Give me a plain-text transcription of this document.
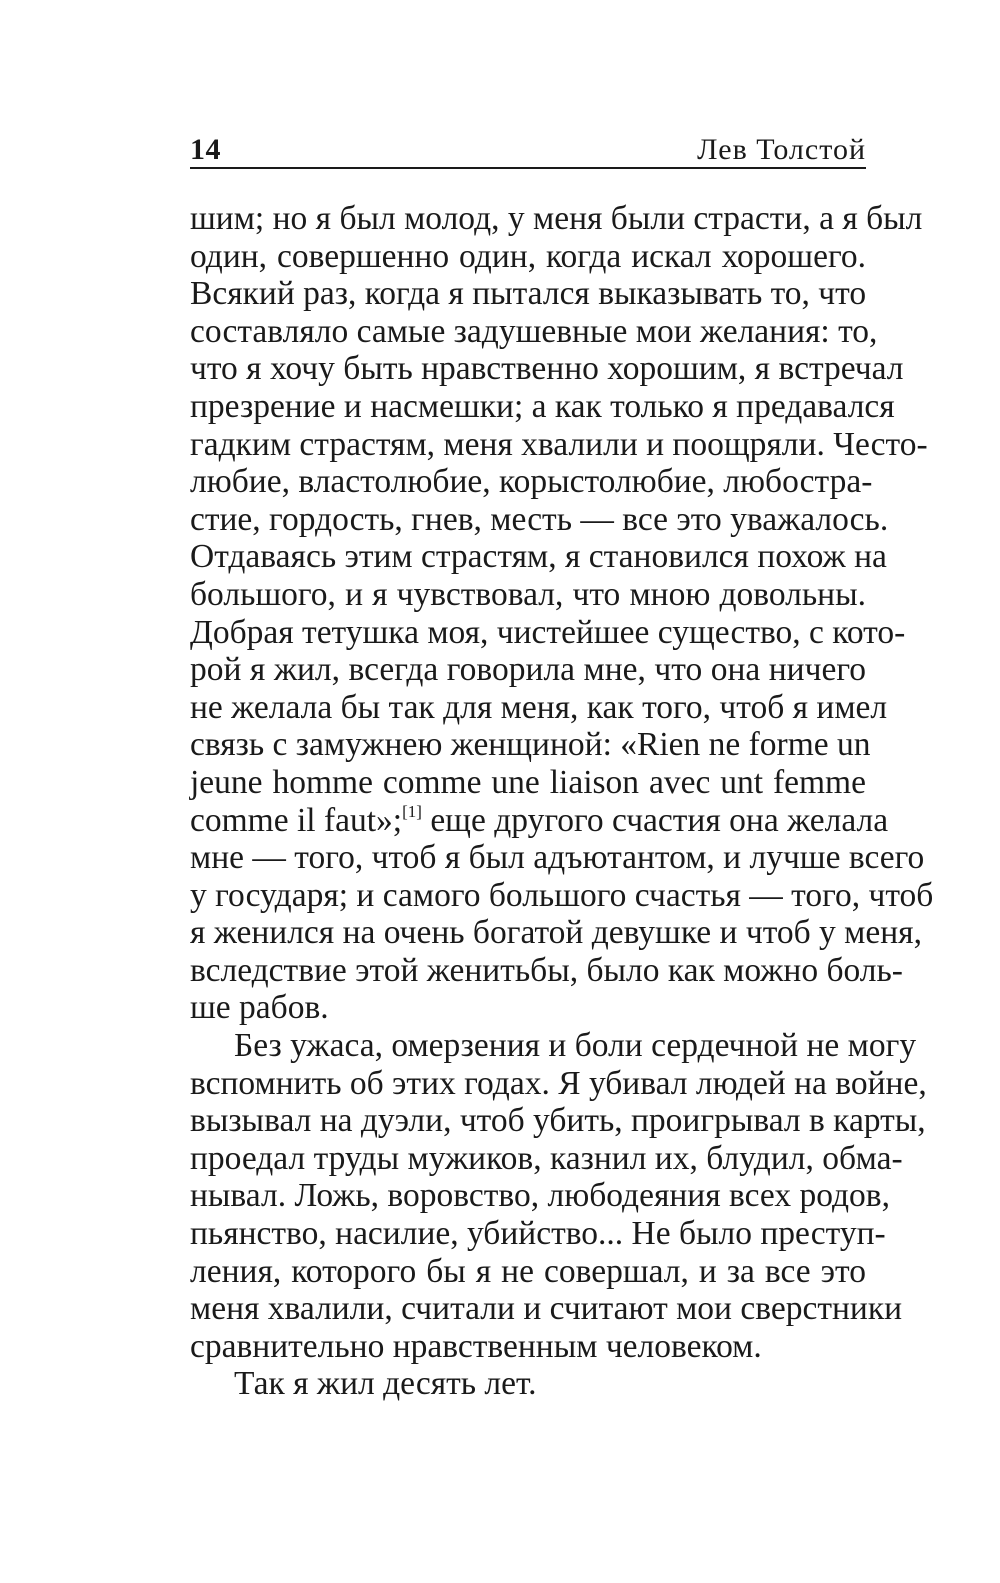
14	Лев Толстой
шим; но я был молод, у меня были страсти, а я был
один, совершенно один, когда искал хорошего.
Всякий раз, когда я пытался выказывать то, что
составляло самые задушевные мои желания: то,
что я хочу быть нравственно хорошим, я встречал
презрение и насмешки; а как только я предавался
гадким страстям, меня хвалили и поощряли. Често-
любие, властолюбие, корыстолюбие, любостра-
стие, гордость, гнев, месть — все это уважалось.
Отдаваясь этим страстям, я становился похож на
большого, и я чувствовал, что мною довольны.
Добрая тетушка моя, чистейшее существо, с кото-
рой я жил, всегда говорила мне, что она ничего
не желала бы так для меня, как того, чтоб я имел
связь с замужнею женщиной: «Rien ne forme un
jeune homme comme une liaison avec unt femme
comme il faut»;[1] еще другого счастия она желала
мне — того, чтоб я был адъютантом, и лучше всего
у государя; и самого большого счастья — того, чтоб
я женился на очень богатой девушке и чтоб у меня,
вследствие этой женитьбы, было как можно боль-
ше рабов.
Без ужаса, омерзения и боли сердечной не могу
вспомнить об этих годах. Я убивал людей на войне,
вызывал на дуэли, чтоб убить, проигрывал в карты,
проедал труды мужиков, казнил их, блудил, обма-
нывал. Ложь, воровство, любодеяния всех родов,
пьянство, насилие, убийство... Не было преступ-
ления, которого бы я не совершал, и за все это
меня хвалили, считали и считают мои сверстники
сравнительно нравственным человеком.
Так я жил десять лет.
